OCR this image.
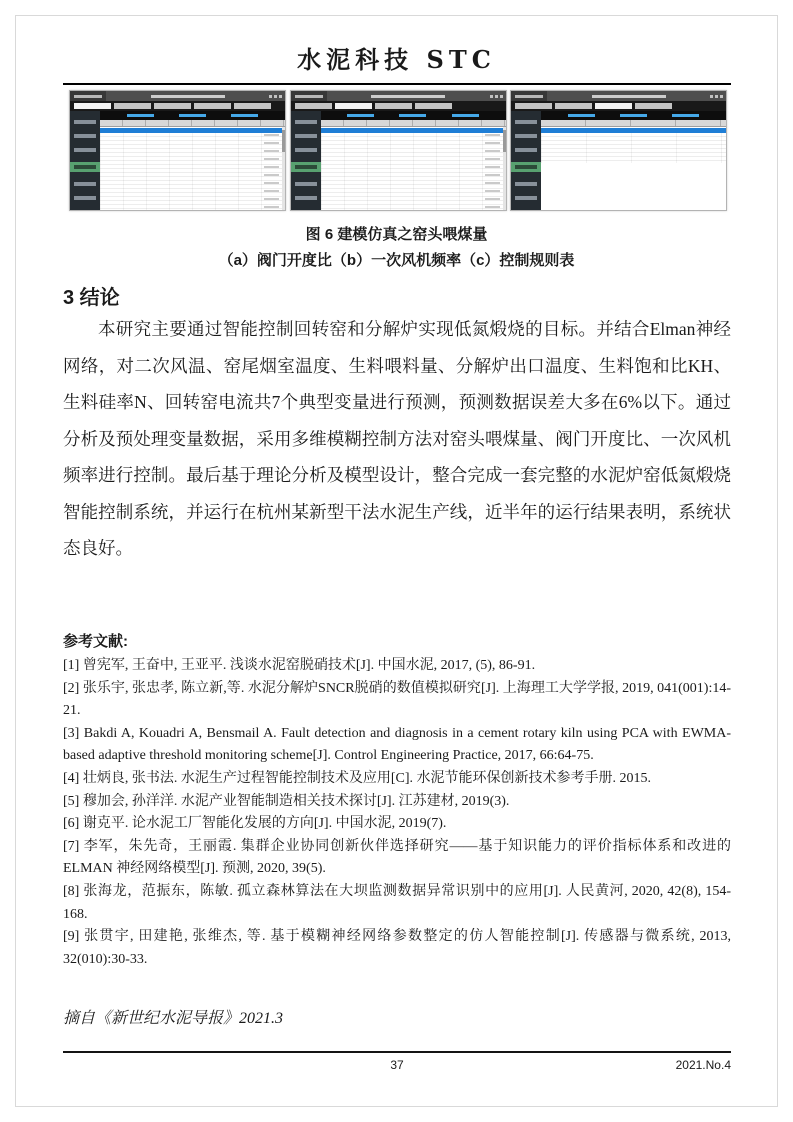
水泥科技 STC
图 6 建模仿真之窑头喂煤量
（a）阀门开度比（b）一次风机频率（c）控制规则表
3 结论

本研究主要通过智能控制回转窑和分解炉实现低氮煅烧的目标。并结合Elman神经网络，对二次风温、窑尾烟室温度、生料喂料量、分解炉出口温度、生料饱和比KH、生料硅率N、回转窑电流共7个典型变量进行预测，预测数据误差大多在6%以下。通过分析及预处理变量数据，采用多维模糊控制方法对窑头喂煤量、阀门开度比、一次风机频率进行控制。最后基于理论分析及模型设计，整合完成一套完整的水泥炉窑低氮煅烧智能控制系统，并运行在杭州某新型干法水泥生产线，近半年的运行结果表明，系统状态良好。

参考文献:

[1] 曾宪军, 王奋中, 王亚平. 浅谈水泥窑脱硝技术[J]. 中国水泥, 2017, (5), 86-91.

[2] 张乐宇, 张忠孝, 陈立新,等. 水泥分解炉SNCR脱硝的数值模拟研究[J]. 上海理工大学学报, 2019, 041(001):14-21.

[3] Bakdi A, Kouadri A, Bensmail A. Fault detection and diagnosis in a cement rotary kiln using PCA with EWMA-based adaptive threshold monitoring scheme[J]. Control Engineering Practice, 2017, 66:64-75.

[4] 壮炳良, 张书法. 水泥生产过程智能控制技术及应用[C]. 水泥节能环保创新技术参考手册. 2015.

[5] 穆加会, 孙洋洋. 水泥产业智能制造相关技术探讨[J]. 江苏建材, 2019(3).

[6] 谢克平. 论水泥工厂智能化发展的方向[J]. 中国水泥, 2019(7).

[7] 李军，朱先奇，王丽霞. 集群企业协同创新伙伴选择研究——基于知识能力的评价指标体系和改进的ELMAN 神经网络模型[J]. 预测, 2020, 39(5).

[8] 张海龙，范振东，陈敏. 孤立森林算法在大坝监测数据异常识别中的应用[J]. 人民黄河, 2020, 42(8), 154-168.

[9] 张贯宇, 田建艳, 张维杰, 等. 基于模糊神经网络参数整定的仿人智能控制[J]. 传感器与微系统, 2013, 32(010):30-33.

摘自《新世纪水泥导报》2021.3
37	2021.No.4
